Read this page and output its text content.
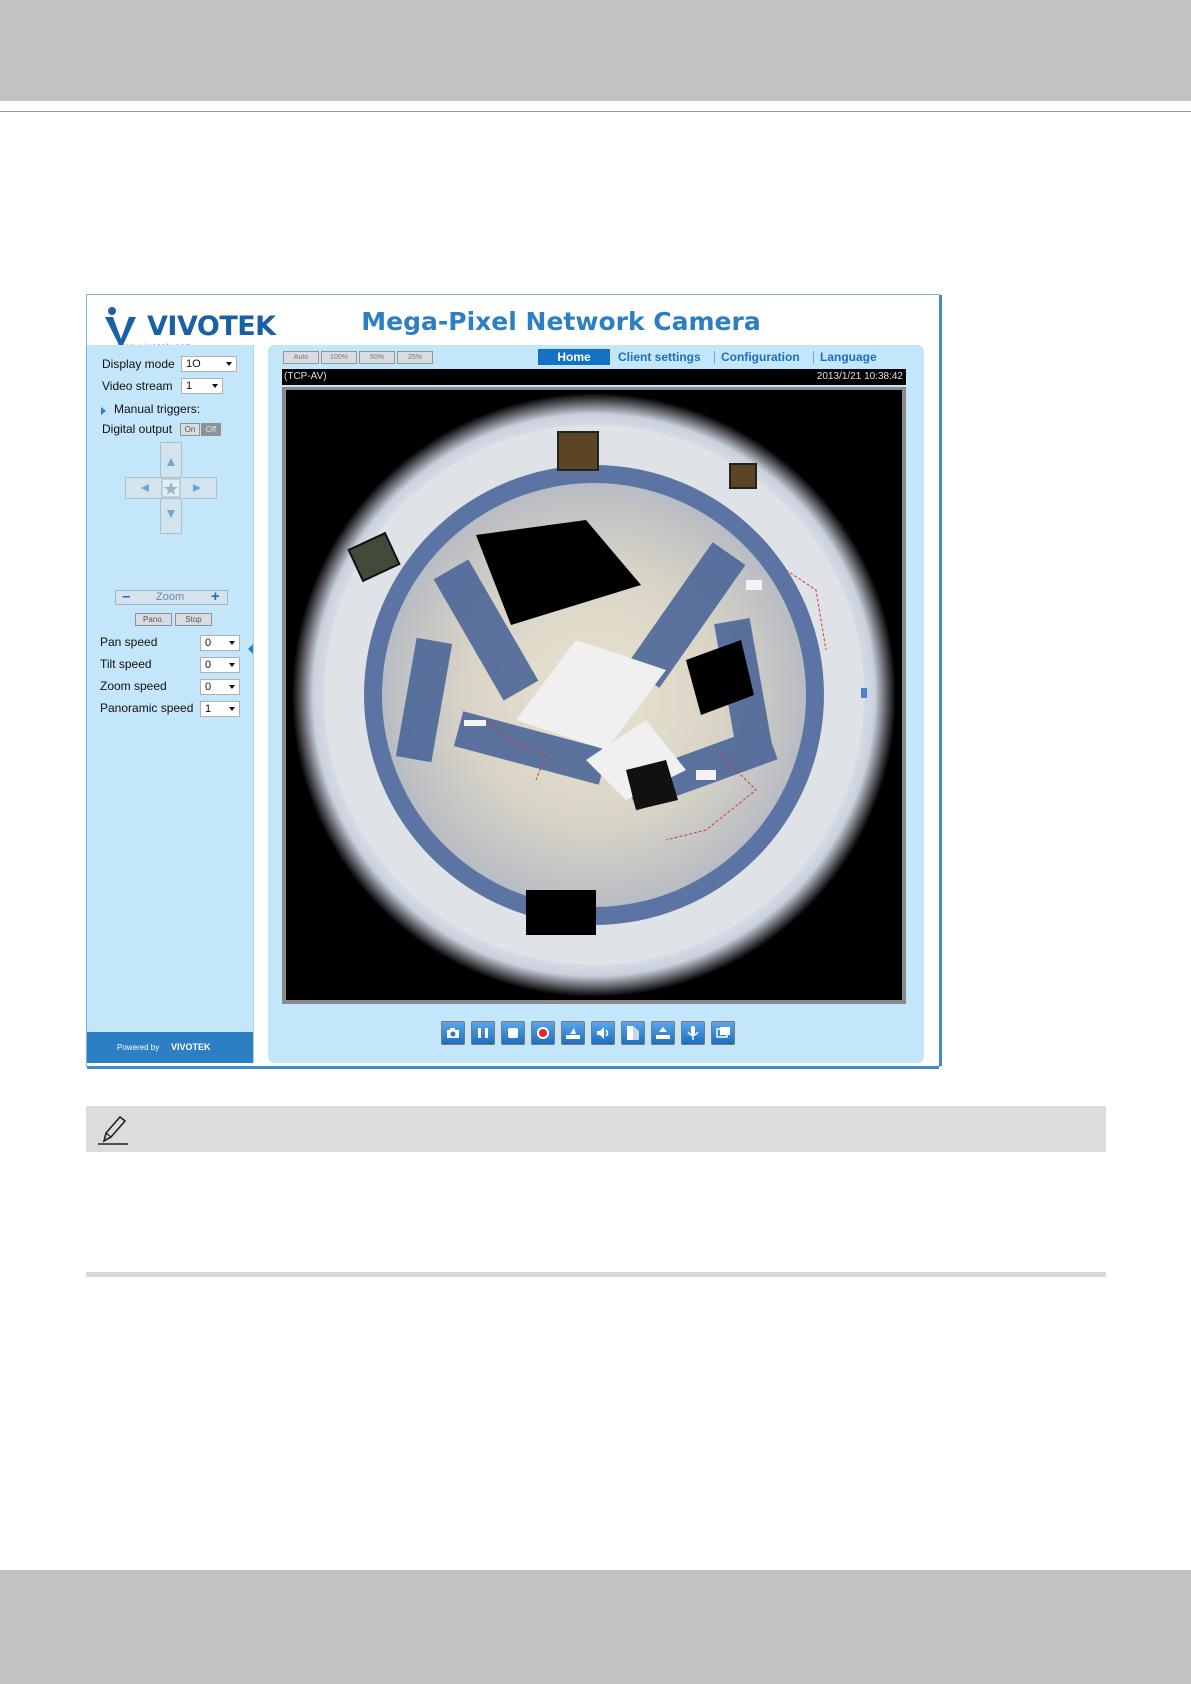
VIVOTEK	Mega-Pixel Network Camera
Display mode	1O
Video stream	1
Manual triggers:
Digital output	On	Off
– Zoom +
Pano.	Stop
Pan speed	0
Tilt speed	0
Zoom speed	0
Panoramic speed	1
Powered by VIVOTEK
Auto	100%	50%	25%	Home	Client settings Configuration Language
(TCP-AV)	2013/1/21 10:38:42
